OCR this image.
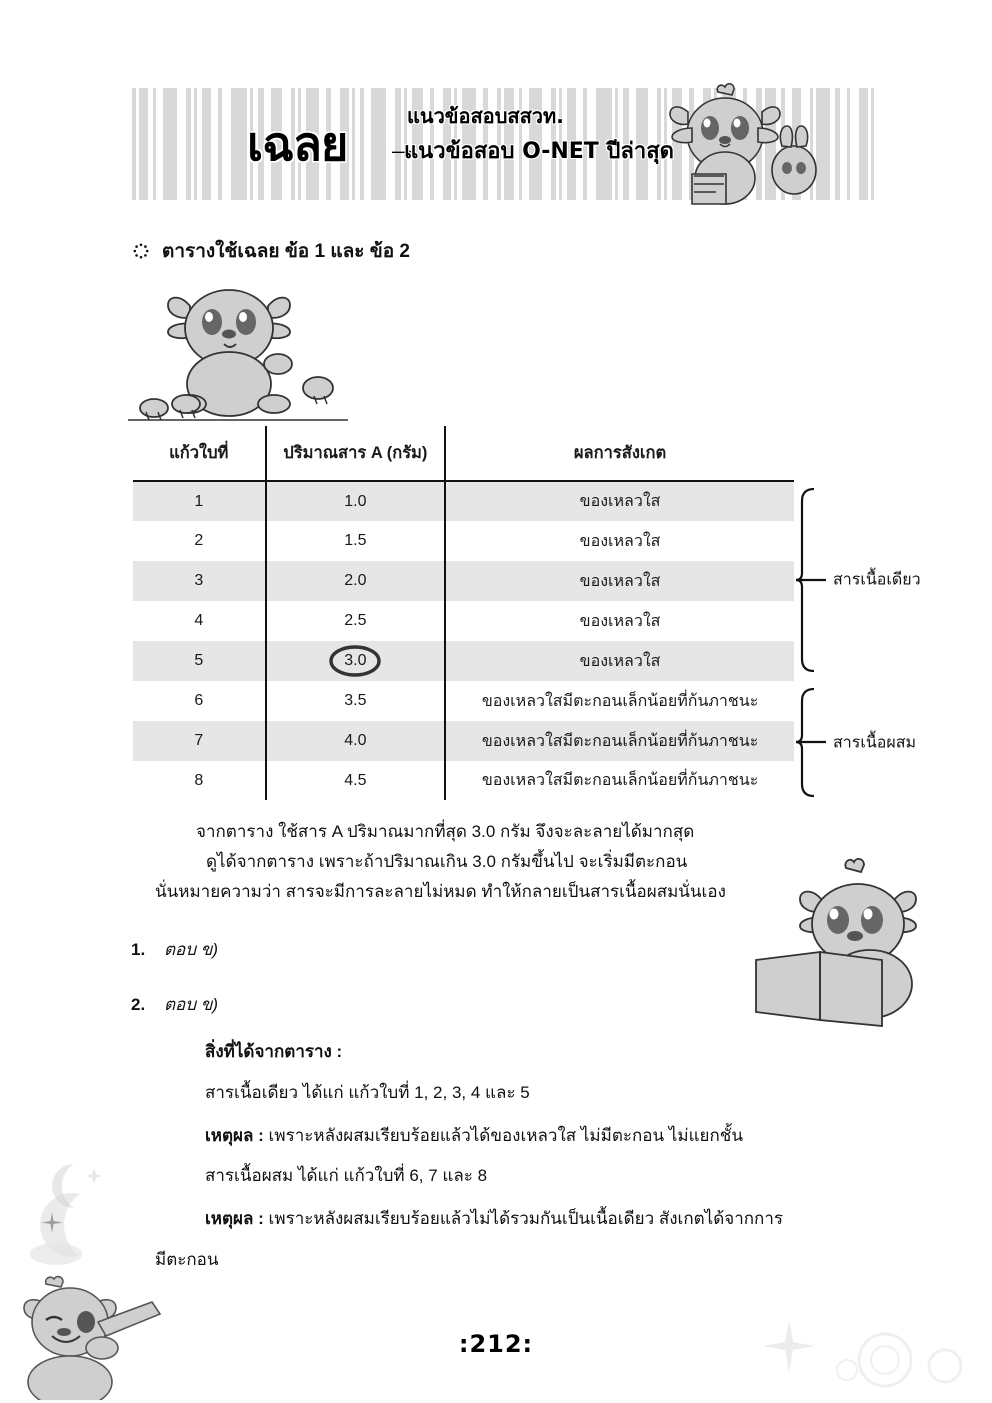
เฉลย →
แนวข้อสอบสสวท.
แนวข้อสอบ O-NET ปีล่าสุด
ตารางใช้เฉลย ข้อ 1 และ ข้อ 2
แก้วใบที่	ปริมาณสาร A (กรัม)	ผลการสังเกต
1	1.0	ของเหลวใส
2	1.5	ของเหลวใส
3	2.0	ของเหลวใส
4	2.5	ของเหลวใส
5	3.0	ของเหลวใส
6	3.5	ของเหลวใสมีตะกอนเล็กน้อยที่ก้นภาชนะ
7	4.0	ของเหลวใสมีตะกอนเล็กน้อยที่ก้นภาชนะ
8	4.5	ของเหลวใสมีตะกอนเล็กน้อยที่ก้นภาชนะ
สารเนื้อเดียว
สารเนื้อผสม
จากตาราง ใช้สาร A ปริมาณมากที่สุด 3.0 กรัม จึงจะละลายได้มากสุด
ดูได้จากตาราง เพราะถ้าปริมาณเกิน 3.0 กรัมขึ้นไป จะเริ่มมีตะกอน
นั่นหมายความว่า สารจะมีการละลายไม่หมด ทำให้กลายเป็นสารเนื้อผสมนั่นเอง
1.	ตอบ ข)
2.	ตอบ ข)
สิ่งที่ได้จากตาราง :
สารเนื้อเดียว ได้แก่ แก้วใบที่ 1, 2, 3, 4 และ 5
เหตุผล : เพราะหลังผสมเรียบร้อยแล้วได้ของเหลวใส ไม่มีตะกอน ไม่แยกชั้น
สารเนื้อผสม ได้แก่ แก้วใบที่ 6, 7 และ 8
เหตุผล : เพราะหลังผสมเรียบร้อยแล้วไม่ได้รวมกันเป็นเนื้อเดียว สังเกตได้จากการ
มีตะกอน
:212:
